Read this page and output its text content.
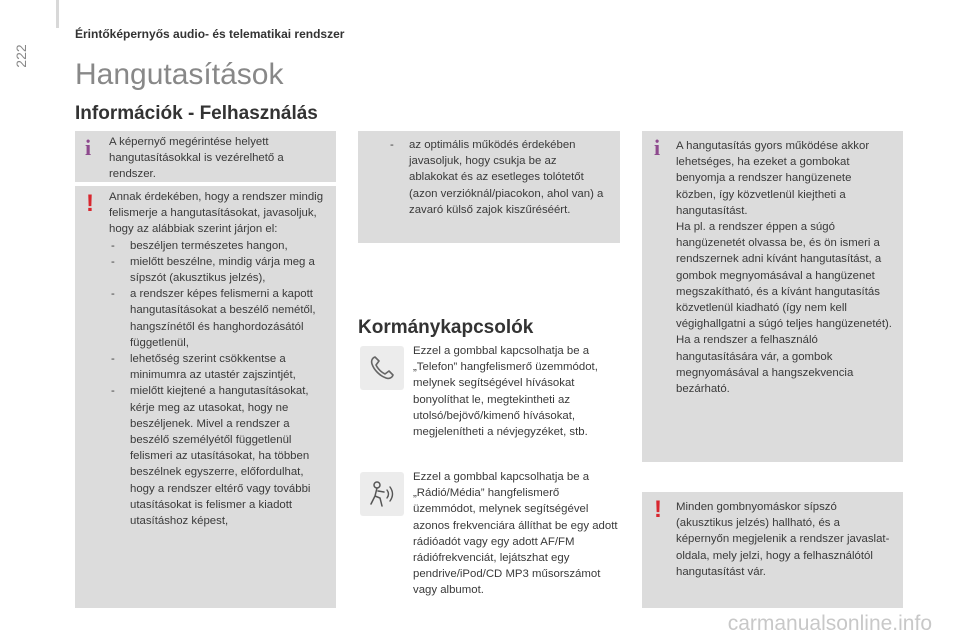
222
Érintőképernyős audio- és telematikai rendszer
Hangutasítások
Információk - Felhasználás
i A képernyő megérintése helyett hangutasításokkal is vezérelhető a rendszer.
! Annak érdekében, hogy a rendszer mindig felismerje a hangutasításokat, javasoljuk, hogy az alábbiak szerint járjon el:

- beszéljen természetes hangon,
- mielőtt beszélne, mindig várja meg a sípszót (akusztikus jelzés),
- a rendszer képes felismerni a kapott hangutasításokat a beszélő nemétől, hangszínétől és hanghordozásától függetlenül,
- lehetőség szerint csökkentse a minimumra az utastér zajszintjét,
- mielőtt kiejtené a hangutasításokat, kérje meg az utasokat, hogy ne beszéljenek. Mivel a rendszer a beszélő személyétől függetlenül felismeri az utasításokat, ha többen beszélnek egyszerre, előfordulhat, hogy a rendszer eltérő vagy további utasításokat is felismer a kiadott utasításhoz képest,
- az optimális működés érdekében javasoljuk, hogy csukja be az ablakokat és az esetleges tolótetőt (azon verzióknál/piacokon, ahol van) a zavaró külső zajok kiszűréséért.
Kormánykapcsolók
Ezzel a gombbal kapcsolhatja be a „Telefon” hangfelismerő üzemmódot, melynek segítségével hívásokat bonyolíthat le, megtekintheti az utolsó/bejövő/kimenő hívásokat, megjelenítheti a névjegyzéket, stb.
Ezzel a gombbal kapcsolhatja be a „Rádió/Média” hangfelismerő üzemmódot, melynek segítségével azonos frekvenciára állíthat be egy adott rádióadót vagy egy adott AF/FM rádiófrekvenciát, lejátszhat egy pendrive/iPod/CD MP3 műsorszámot vagy albumot.
i A hangutasítás gyors működése akkor lehetséges, ha ezeket a gombokat benyomja a rendszer hangüzenete közben, így közvetlenül kiejtheti a hangutasítást.

Ha pl. a rendszer éppen a súgó hangüzenetét olvassa be, és ön ismeri a rendszernek adni kívánt hangutasítást, a gombok megnyomásával a hangüzenet megszakítható, és a kívánt hangutasítás közvetlenül kiadható (így nem kell végighallgatni a súgó teljes hangüzenetét).

Ha a rendszer a felhasználó hangutasítására vár, a gombok megnyomásával a hangszekvencia bezárható.

! Minden gombnyomáskor sípszó (akusztikus jelzés) hallható, és a képernyőn megjelenik a rendszer javaslat-oldala, mely jelzi, hogy a felhasználótól hangutasítást vár.
carmanualsonline.info
